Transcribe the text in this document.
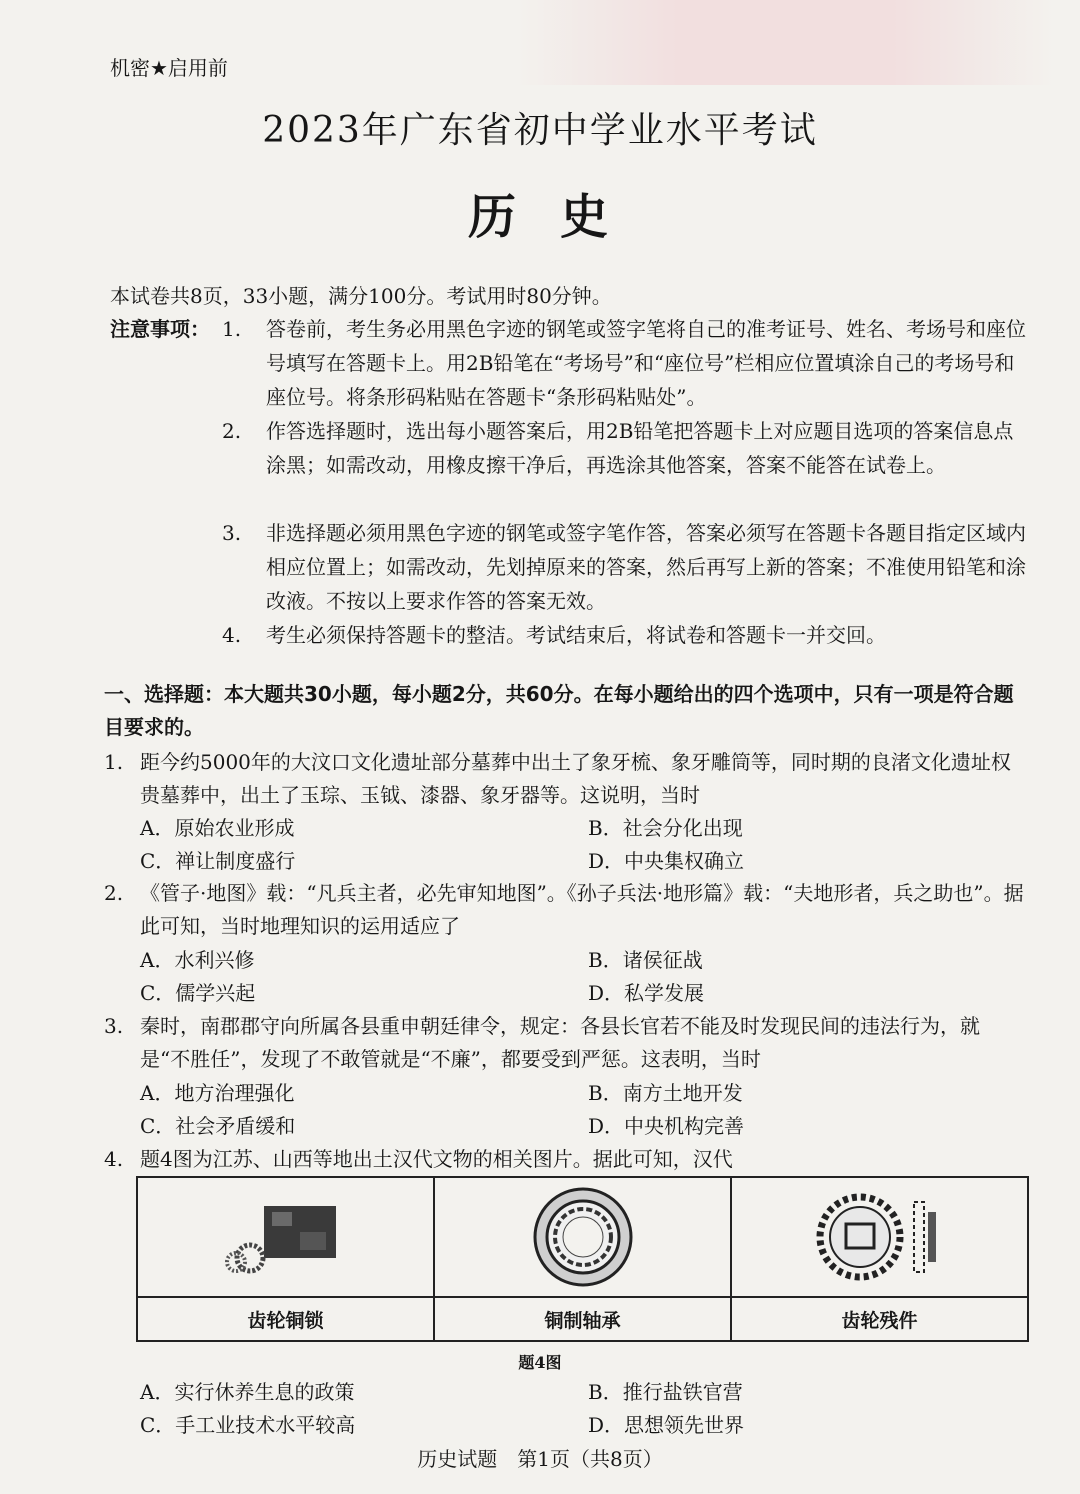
机密★启用前
2023年广东省初中学业水平考试
历史
本试卷共8页，33小题，满分100分。考试用时80分钟。
注意事项： 1. 答卷前，考生务必用黑色字迹的钢笔或签字笔将自己的准考证号、姓名、考场号和座位号填写在答题卡上。用2B铅笔在“考场号”和“座位号”栏相应位置填涂自己的考场号和座位号。将条形码粘贴在答题卡“条形码粘贴处”。
2. 作答选择题时，选出每小题答案后，用2B铅笔把答题卡上对应题目选项的答案信息点涂黑；如需改动，用橡皮擦干净后，再选涂其他答案，答案不能答在试卷上。
3. 非选择题必须用黑色字迹的钢笔或签字笔作答，答案必须写在答题卡各题目指定区域内相应位置上；如需改动，先划掉原来的答案，然后再写上新的答案；不准使用铅笔和涂改液。不按以上要求作答的答案无效。
4. 考生必须保持答题卡的整洁。考试结束后，将试卷和答题卡一并交回。
一、选择题：本大题共30小题，每小题2分，共60分。在每小题给出的四个选项中，只有一项是符合题目要求的。
1. 距今约5000年的大汶口文化遗址部分墓葬中出土了象牙梳、象牙雕筒等，同时期的良渚文化遗址权贵墓葬中，出土了玉琮、玉钺、漆器、象牙器等。这说明，当时
A．原始农业形成	B．社会分化出现
C．禅让制度盛行	D．中央集权确立
2. 《管子·地图》载：“凡兵主者，必先审知地图”。《孙子兵法·地形篇》载：“夫地形者，兵之助也”。据此可知，当时地理知识的运用适应了
A．水利兴修	B．诸侯征战
C．儒学兴起	D．私学发展
3. 秦时，南郡郡守向所属各县重申朝廷律令，规定：各县长官若不能及时发现民间的违法行为，就是“不胜任”，发现了不敢管就是“不廉”，都要受到严惩。这表明，当时
A．地方治理强化	B．南方土地开发
C．社会矛盾缓和	D．中央机构完善
4. 题4图为江苏、山西等地出土汉代文物的相关图片。据此可知，汉代
齿轮铜锁	铜制轴承	齿轮残件
题4图
A．实行休养生息的政策	B．推行盐铁官营
C．手工业技术水平较高	D．思想领先世界
历史试题　第1页（共8页）
